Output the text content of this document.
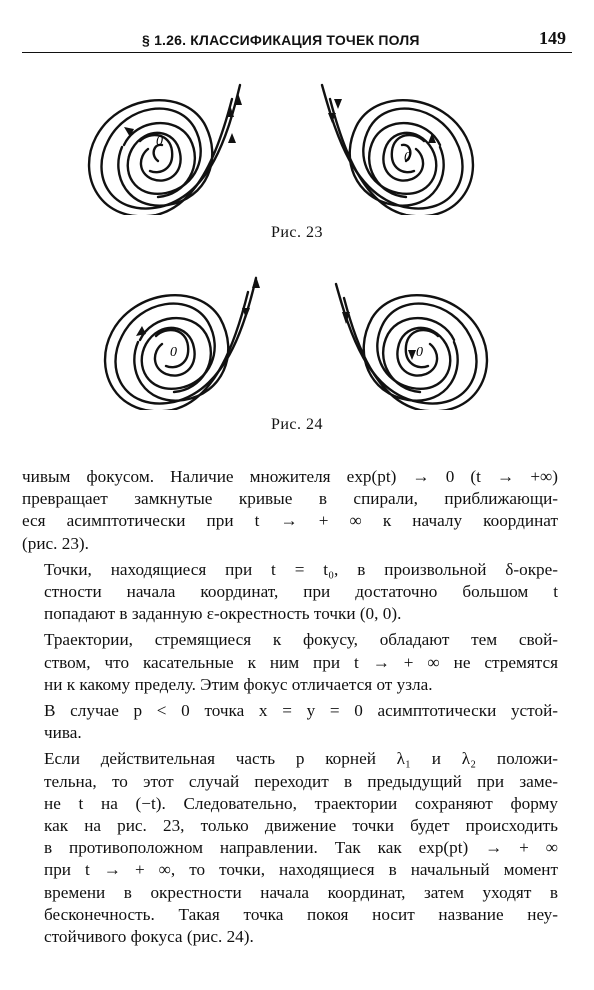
§ 1.26. КЛАССИФИКАЦИЯ ТОЧЕК ПОЛЯ	149
0
0
Рис. 23
0	0
Рис. 24

чивым фокусом. Наличие множителя exp(pt) → 0 (t → +∞)
превращает замкнутые кривые в спирали, приближающи-
еся асимптотически при t → + ∞ к началу координат
(рис. 23).

Точки, находящиеся при t = t₀, в произвольной δ-окре-
стности начала координат, при достаточно большом t
попадают в заданную ε-окрестность точки (0, 0).

Траектории, стремящиеся к фокусу, обладают тем свой-
ством, что касательные к ним при t → + ∞ не стремятся
ни к какому пределу. Этим фокус отличается от узла.

В случае p < 0 точка x = y = 0 асимптотически устой-
чива.

Если действительная часть p корней λ₁ и λ₂ положи-
тельна, то этот случай переходит в предыдущий при заме-
не t на (−t). Следовательно, траектории сохраняют форму
как на рис. 23, только движение точки будет происходить
в противоположном направлении. Так как exp(pt) → + ∞
при t → + ∞, то точки, находящиеся в начальный момент
времени в окрестности начала координат, затем уходят в
бесконечность. Такая точка покоя носит название неу-
стойчивого фокуса (рис. 24).
